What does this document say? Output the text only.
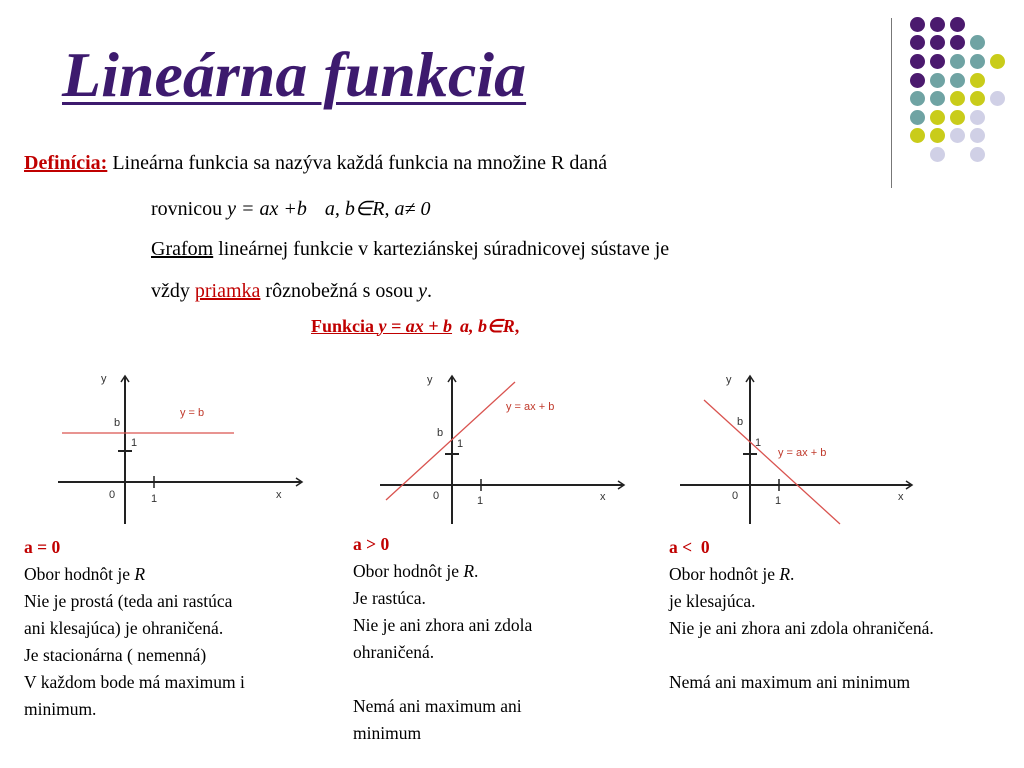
Lineárna funkcia
Definícia: Lineárna funkcia sa nazýva každá funkcia na množine R daná
rovnicou y = ax +b a, b∈R, a≠ 0
Grafom lineárnej funkcie v karteziánskej súradnicovej sústave je
vždy priamka rôznobežná s osou y.
Funkcia y = ax + b a, b∈R,
y
x
0
b
1
1
y = b
y
x
0
b
1
1
y = ax + b
y
x
0
b
1
1
y = ax + b
a = 0
Obor hodnôt je R
Nie je prostá (teda ani rastúca
ani klesajúca) je ohraničená.
Je stacionárna ( nemenná)
V každom bode má maximum i
minimum.
a > 0
Obor hodnôt je R.
Je rastúca.
Nie je ani zhora ani zdola
ohraničená.
Nemá ani maximum ani
minimum
a <  0
Obor hodnôt je R.
je klesajúca.
Nie je ani zhora ani zdola ohraničená.
Nemá ani maximum ani minimum
